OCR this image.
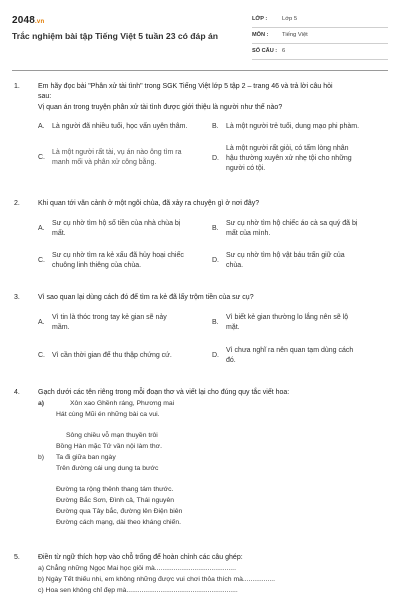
2048.vn
Trắc nghiệm bài tập Tiếng Việt 5 tuần 23 có đáp án
LỚP :	Lớp 5
MÔN :	Tiếng Việt
SỐ CÂU : 6
1.	Em hãy đọc bài "Phân xử tài tình" trong SGK Tiếng Việt lớp 5 tập 2 – trang 46 và trả lời câu hỏi
sau:
Vị quan án trong truyện phân xử tài tình được giới thiệu là người như thế nào?
A. Là người đã nhiều tuổi, học vấn uyên thâm.	B. Là một người trẻ tuổi, dung mạo phi phàm.
C.
Là một người rất tài, vụ án nào ông tìm ra
manh mối và phân xử công bằng.
D.
Là một người rất giỏi, có tấm lòng nhân
hậu thường xuyên xử nhẹ tội cho những
người có tội.
2.	Khi quan tới văn cảnh ở một ngôi chùa, đã xảy ra chuyện gì ở nơi đây?
A.
Sư cụ nhờ tìm hộ số tiền của nhà chùa bị
mất.
B.
Sư cụ nhờ tìm hộ chiếc áo cà sa quý đã bị
mất của mình.
C.
Sư cụ nhờ tìm ra kẻ xấu đã hủy hoại chiếc
chuông linh thiêng của chùa.
D.
Sư cụ nhờ tìm hộ vật báu trấn giữ của
chùa.
3.	Vì sao quan lại dùng cách đó để tìm ra kẻ đã lấy trộm tiền của sư cụ?
A.
Vì tin là thóc trong tay kẻ gian sẽ nảy
mầm.
B.
Vì biết kẻ gian thường lo lắng nên sẽ lộ
mặt.
C. Vì cần thời gian để thu thập chứng cứ.	D.
Vì chưa nghĩ ra nên quan tạm dùng cách
đó.
4.	Gạch dưới các tên riêng trong mỗi đoạn thơ và viết lại cho đúng quy tắc viết hoa:
a)	Xôn xao Ghềnh ráng, Phương mai
Hát cùng Mũi én những bài ca vui.
Sông chiều vỗ mạn thuyền trôi
Bồng Hàn mặc Tử vần nội làm thơ.
b) Ta đi giữa ban ngày
Trên đường cái ung dung ta bước
Đường ta rộng thênh thang tám thước.
Đường Bắc Sơn, Đình cả, Thái nguyên
Đường qua Tây bắc, đường lên Điện biên
Đường cách mạng, dài theo kháng chiến.
5.	Điền từ ngữ thích hợp vào chỗ trống để hoàn chỉnh các câu ghép:
a) Chẳng những Ngọc Mai học giỏi mà...........................................
b) Ngày Tết thiếu nhi, em không những được vui chơi thỏa thích mà.................
c) Hoa sen không chỉ đẹp mà...........................................................
